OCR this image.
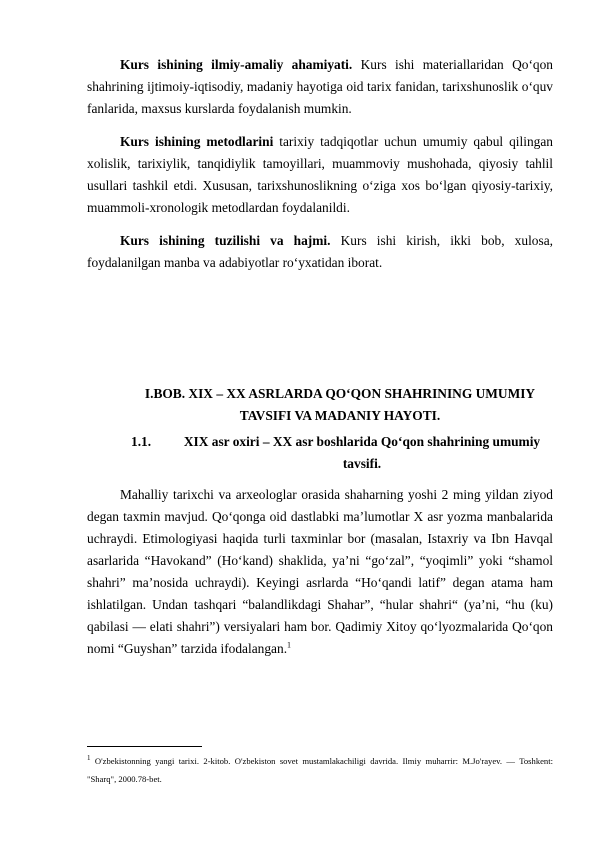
Kurs ishining ilmiy-amaliy ahamiyati. Kurs ishi materiallaridan Qo‘qon shahrining ijtimoiy-iqtisodiy, madaniy hayotiga oid tarix fanidan, tarixshunoslik o‘quv fanlarida, maxsus kurslarda foydalanish mumkin.

Kurs ishining metodlarini tarixiy tadqiqotlar uchun umumiy qabul qilingan xolislik, tarixiylik, tanqidiylik tamoyillari, muammoviy mushohada, qiyosiy tahlil usullari tashkil etdi. Xususan, tarixshunoslikning o‘ziga xos bo‘lgan qiyosiy-tarixiy, muammoli-xronologik metodlardan foydalanildi.

Kurs ishining tuzilishi va hajmi. Kurs ishi kirish, ikki bob, xulosa, foydalanilgan manba va adabiyotlar ro‘yxatidan iborat.

I.BOB. XIX – XX ASRLARDA QO‘QON SHAHRINING UMUMIY
TAVSIFI VA MADANIY HAYOTI.
1.1.	XIX asr oxiri – XX asr boshlarida Qo‘qon shahrining umumiy tavsifi.

Mahalliy tarixchi va arxeologlar orasida shaharning yoshi 2 ming yildan ziyod degan taxmin mavjud. Qo‘qonga oid dastlabki ma’lumotlar X asr yozma manbalarida uchraydi. Etimologiyasi haqida turli taxminlar bor (masalan, Istaxriy va Ibn Havqal asarlarida “Havokand” (Ho‘kand) shaklida, ya’ni “go‘zal”, “yoqimli” yoki “shamol shahri” ma’nosida uchraydi). Keyingi asrlarda “Ho‘qandi latif” degan atama ham ishlatilgan. Undan tashqari “balandlikdagi Shahar”, “hular shahri“ (ya’ni, “hu (ku) qabilasi — elati shahri”) versiyalari ham bor. Qadimiy Xitoy qo‘lyozmalarida Qo‘qon nomi “Guyshan” tarzida ifodalangan.$^1$

$^1$ O'zbekistonning yangi tarixi. 2-kitob. O'zbekiston sovet mustamlakachiligi davrida. Ilmiy muharrir: M.Jo'rayev. — Toshkent: "Sharq", 2000.78-bet.
